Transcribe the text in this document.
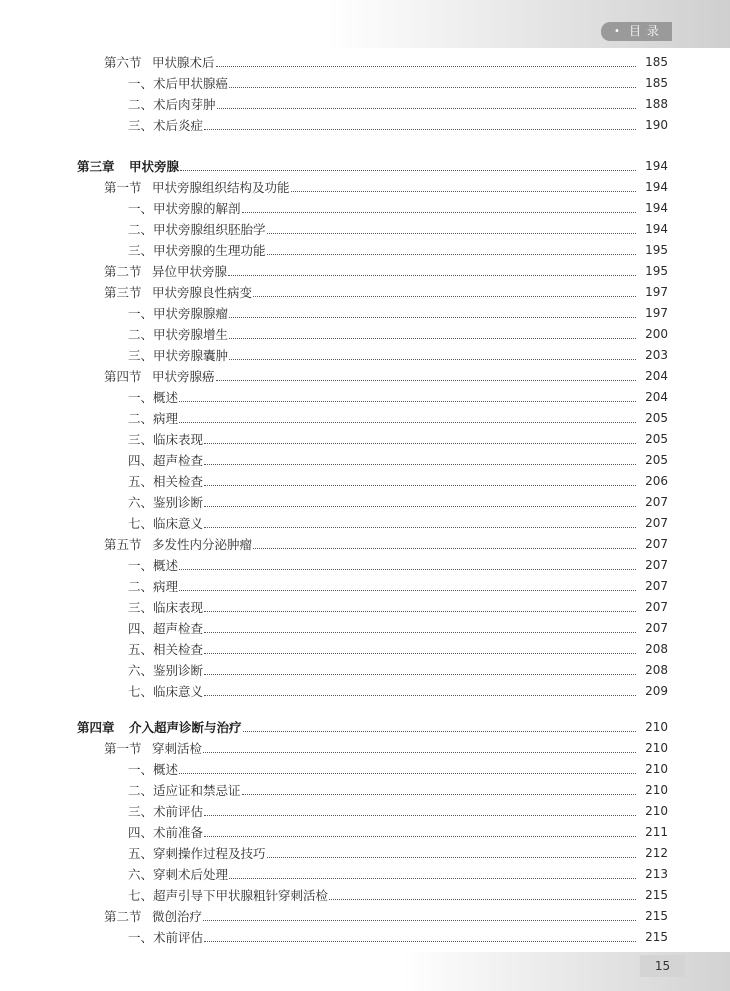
• 目 录
第六节 甲状腺术后	185
一、术后甲状腺癌	185
二、术后肉芽肿	188
三、术后炎症	190
第三章	甲状旁腺	194
第一节 甲状旁腺组织结构及功能	194
一、甲状旁腺的解剖	194
二、甲状旁腺组织胚胎学	194
三、甲状旁腺的生理功能	195
第二节 异位甲状旁腺	195
第三节 甲状旁腺良性病变	197
一、甲状旁腺腺瘤	197
二、甲状旁腺增生	200
三、甲状旁腺囊肿	203
第四节 甲状旁腺癌	204
一、概述	204
二、病理	205
三、临床表现	205
四、超声检查	205
五、相关检查	206
六、鉴别诊断	207
七、临床意义	207
第五节 多发性内分泌肿瘤	207
一、概述	207
二、病理	207
三、临床表现	207
四、超声检查	207
五、相关检查	208
六、鉴别诊断	208
七、临床意义	209
第四章	介入超声诊断与治疗	210
第一节 穿刺活检	210
一、概述	210
二、适应证和禁忌证	210
三、术前评估	210
四、术前准备	211
五、穿刺操作过程及技巧	212
六、穿刺术后处理	213
七、超声引导下甲状腺粗针穿刺活检	215
第二节 微创治疗	215
一、术前评估	215
15
